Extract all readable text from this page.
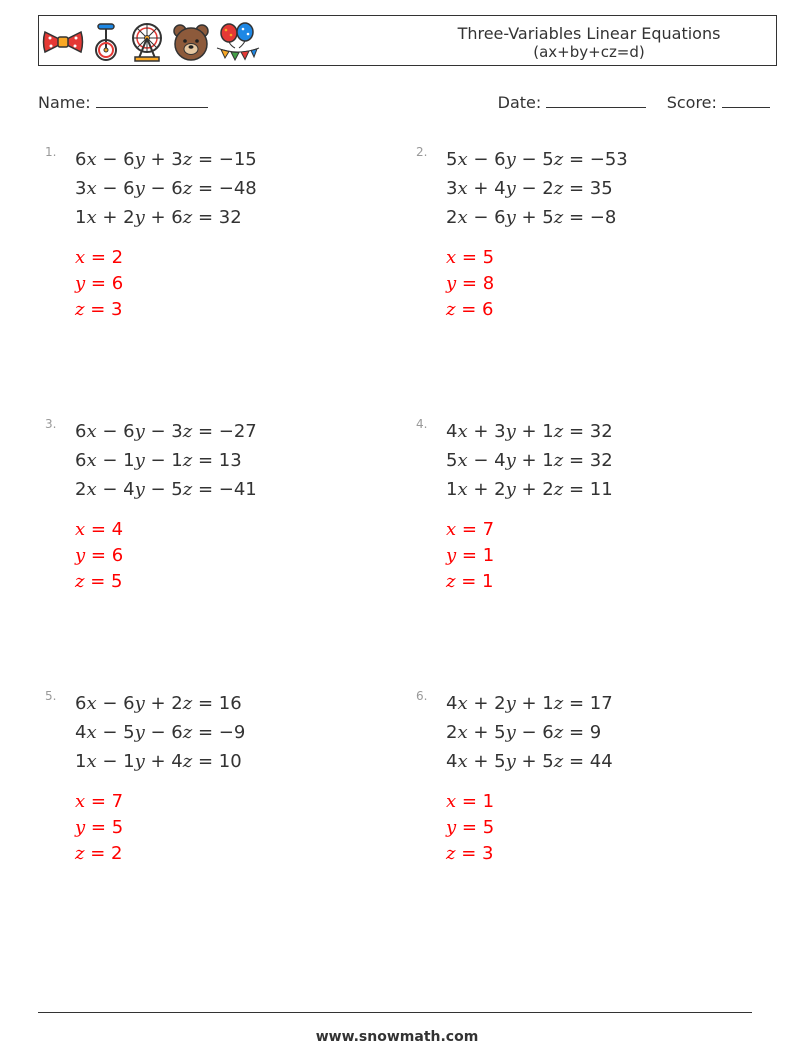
Three-Variables Linear Equations
(ax+by+cz=d)
Name:	Date:	Score:
1. 6x − 6y + 3z	= −15
3x − 6y − 6z	= −48
1x + 2y + 6z	= 32
x = 2
y = 6
z = 3
2. 5x − 6y − 5z	= −53
3x + 4y − 2z	= 35
2x − 6y + 5z	= −8
x = 5
y = 8
z = 6
3. 6x − 6y − 3z	= −27
6x − 1y − 1z	= 13
2x − 4y − 5z	= −41
x = 4
y = 6
z = 5
4. 4x + 3y + 1z	= 32
5x − 4y + 1z	= 32
1x + 2y + 2z	= 11
x = 7
y = 1
z = 1
5. 6x − 6y + 2z	= 16
4x − 5y − 6z	= −9
1x − 1y + 4z	= 10
x = 7
y = 5
z = 2
6. 4x + 2y + 1z	= 17
2x + 5y − 6z	= 9
4x + 5y + 5z	= 44
x = 1
y = 5
z = 3
www.snowmath.com
